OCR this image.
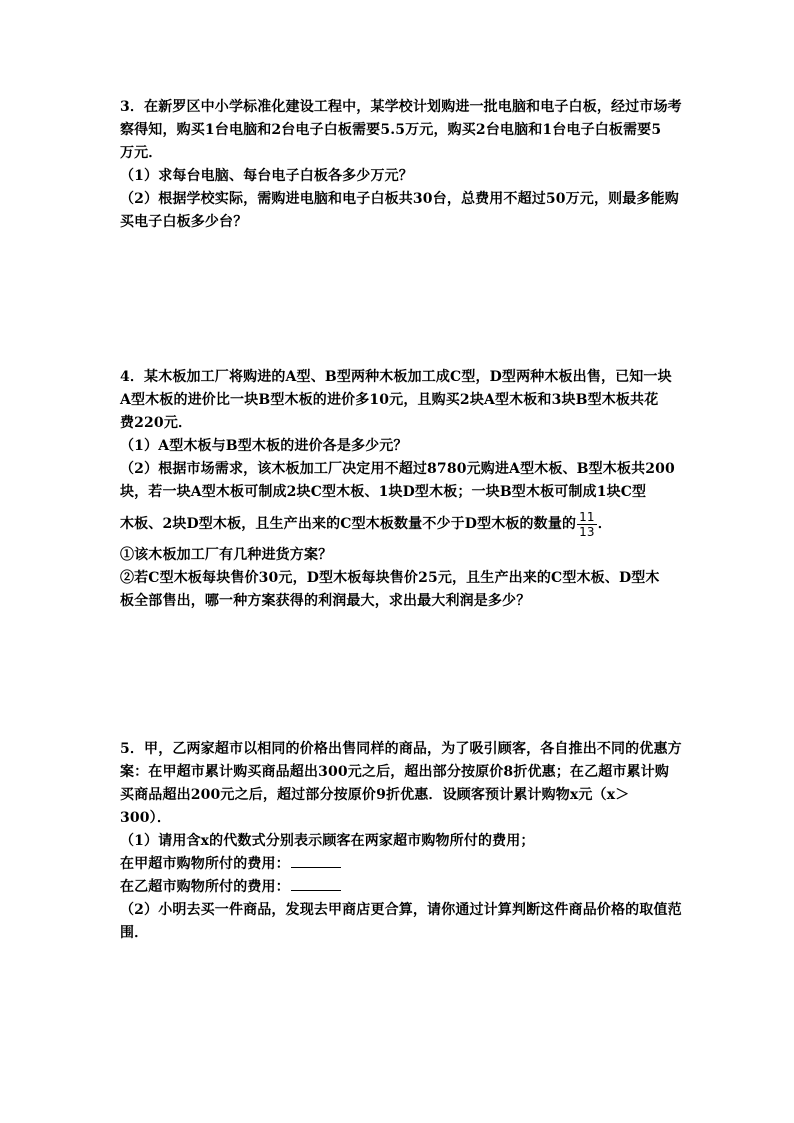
3．在新罗区中小学标准化建设工程中，某学校计划购进一批电脑和电子白板，经过市场考
察得知，购买1台电脑和2台电子白板需要5.5万元，购买2台电脑和1台电子白板需要5
万元．
（1）求每台电脑、每台电子白板各多少万元？
（2）根据学校实际，需购进电脑和电子白板共30台，总费用不超过50万元，则最多能购
买电子白板多少台？
4．某木板加工厂将购进的A型、B型两种木板加工成C型，D型两种木板出售，已知一块
A型木板的进价比一块B型木板的进价多10元，且购买2块A型木板和3块B型木板共花
费220元．
（1）A型木板与B型木板的进价各是多少元？
（2）根据市场需求，该木板加工厂决定用不超过8780元购进A型木板、B型木板共200
块，若一块A型木板可制成2块C型木板、1块D型木板；一块B型木板可制成1块C型
木板、2块D型木板，且生产出来的C型木板数量不少于D型木板的数量的 $\frac{11}{13}$ ．
①该木板加工厂有几种进货方案？
②若C型木板每块售价30元，D型木板每块售价25元，且生产出来的C型木板、D型木
板全部售出，哪一种方案获得的利润最大，求出最大利润是多少？
5．甲，乙两家超市以相同的价格出售同样的商品，为了吸引顾客，各自推出不同的优惠方
案：在甲超市累计购买商品超出300元之后，超出部分按原价8折优惠；在乙超市累计购
买商品超出200元之后，超过部分按原价9折优惠．设顾客预计累计购物x元（x＞
300）．
（1）请用含x的代数式分别表示顾客在两家超市购物所付的费用；
在甲超市购物所付的费用：
在乙超市购物所付的费用：
（2）小明去买一件商品，发现去甲商店更合算，请你通过计算判断这件商品价格的取值范
围．
